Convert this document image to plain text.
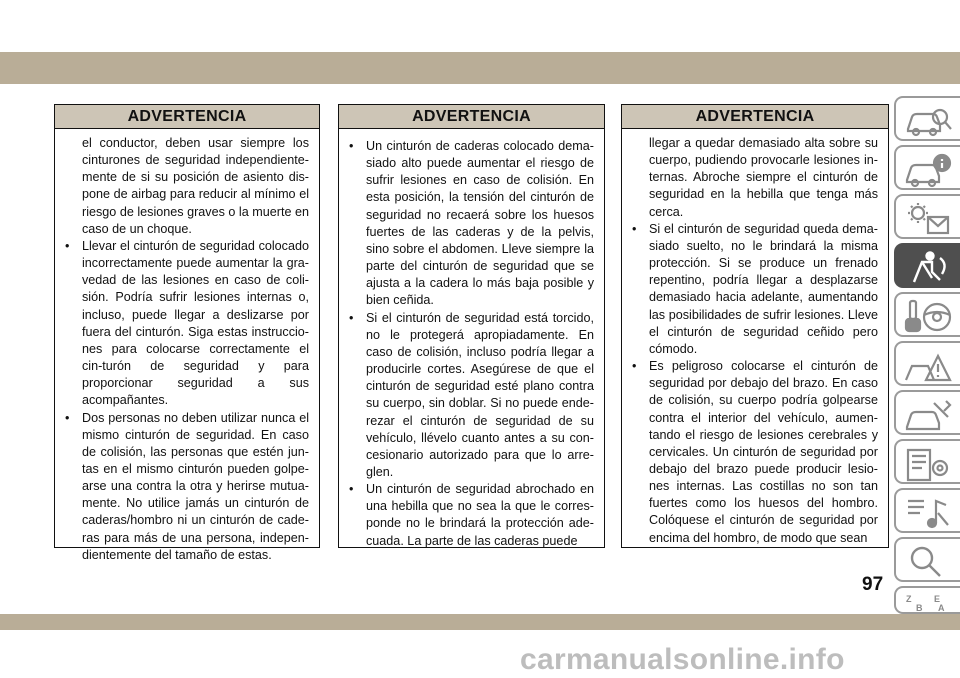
ADVERTENCIA
el conductor, deben usar siempre los cinturones de seguridad independiente-mente de si su posición de asiento dis-pone de airbag para reducir al mínimo el riesgo de lesiones graves o la muerte en caso de un choque.
• Llevar el cinturón de seguridad colocado incorrectamente puede aumentar la gra-vedad de las lesiones en caso de coli-sión. Podría sufrir lesiones internas o, incluso, puede llegar a deslizarse por fuera del cinturón. Siga estas instruccio-nes para colocarse correctamente el cin-turón de seguridad y para proporcionar seguridad a sus acompañantes.
• Dos personas no deben utilizar nunca el mismo cinturón de seguridad. En caso de colisión, las personas que estén jun-tas en el mismo cinturón pueden golpe-arse una contra la otra y herirse mutua-mente. No utilice jamás un cinturón de caderas/hombro ni un cinturón de cade-ras para más de una persona, indepen-dientemente del tamaño de estas.
ADVERTENCIA
• Un cinturón de caderas colocado dema-siado alto puede aumentar el riesgo de sufrir lesiones en caso de colisión. En esta posición, la tensión del cinturón de seguridad no recaerá sobre los huesos fuertes de las caderas y de la pelvis, sino sobre el abdomen. Lleve siempre la parte del cinturón de seguridad que se ajusta a la cadera lo más baja posible y bien ceñida.
• Si el cinturón de seguridad está torcido, no le protegerá apropiadamente. En caso de colisión, incluso podría llegar a producirle cortes. Asegúrese de que el cinturón de seguridad esté plano contra su cuerpo, sin doblar. Si no puede ende-rezar el cinturón de seguridad de su vehículo, llévelo cuanto antes a su con-cesionario autorizado para que lo arre-glen.
• Un cinturón de seguridad abrochado en una hebilla que no sea la que le corres-ponde no le brindará la protección ade-cuada. La parte de las caderas puede
ADVERTENCIA
llegar a quedar demasiado alta sobre su cuerpo, pudiendo provocarle lesiones in-ternas. Abroche siempre el cinturón de seguridad en la hebilla que tenga más cerca.
• Si el cinturón de seguridad queda dema-siado suelto, no le brindará la misma protección. Si se produce un frenado repentino, podría llegar a desplazarse demasiado hacia adelante, aumentando las posibilidades de sufrir lesiones. Lleve el cinturón de seguridad ceñido pero cómodo.
• Es peligroso colocarse el cinturón de seguridad por debajo del brazo. En caso de colisión, su cuerpo podría golpearse contra el interior del vehículo, aumen-tando el riesgo de lesiones cerebrales y cervicales. Un cinturón de seguridad por debajo del brazo puede producir lesio-nes internas. Las costillas no son tan fuertes como los huesos del hombro. Colóquese el cinturón de seguridad por encima del hombro, de modo que sean
Z	E
B A
97
carmanualsonline.info
